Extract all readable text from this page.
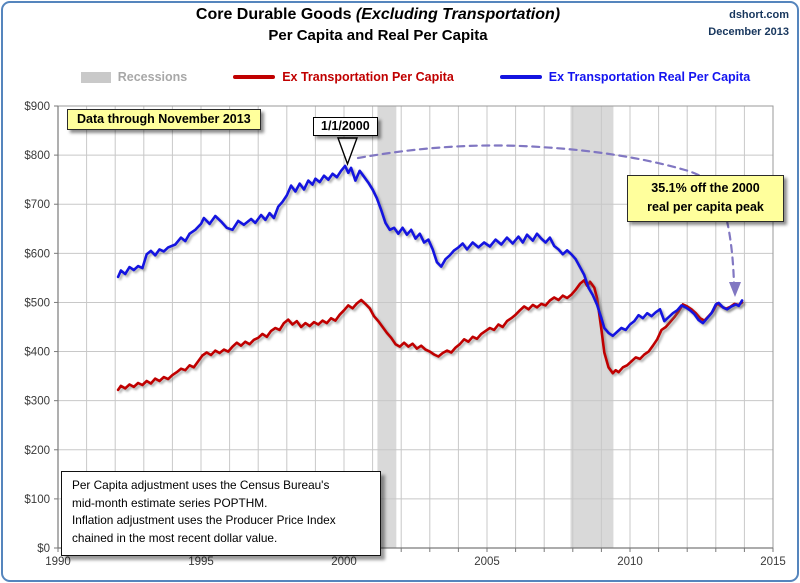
Core Durable Goods (Excluding Transportation)
Per Capita and Real Per Capita
dshort.com
December 2013
Recessions	Ex Transportation Per Capita	Ex Transportation Real Per Capita
1990	1995	2000	2005	2010	2015
$0
$100
$200
$300
$400
$500
$600
$700
$800
$900
Data through November 2013	1/1/2000
35.1% off the 2000
real per capita peak
Per Capita adjustment uses the Census Bureau's
mid-month estimate series POPTHM.
Inflation adjustment uses the Producer Price Index
chained in the most recent dollar value.
